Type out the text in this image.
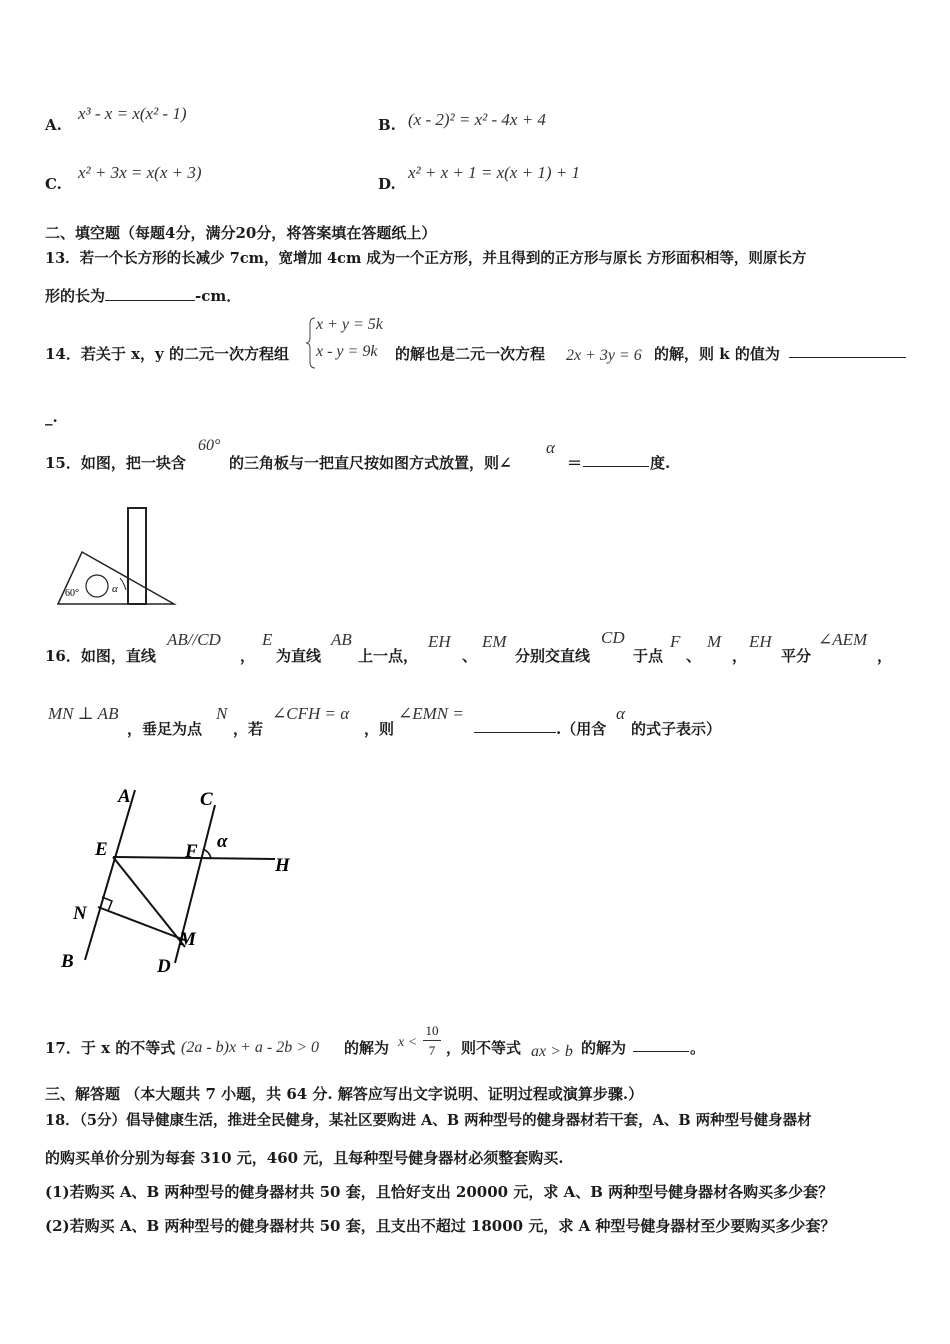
A.
x³ - x = x(x² - 1)
B. (x - 2)² = x² - 4x + 4
C.
x² + 3x = x(x + 3)
D.
x² + x + 1 = x(x + 1) + 1
二、填空题（每题4分，满分20分，将答案填在答题纸上）
13．若一个长方形的长减少 7cm，宽增加 4cm 成为一个正方形，并且得到的正方形与原长 方形面积相等，则原长方
形的长为	-cm．
14．若关于 x，y 的二元一次方程组
x + y = 5k
x - y = 9k 的解也是二元一次方程 2x + 3y = 6 的解，则 k 的值为
_.
15．如图，把一块含
60°
的三角板与一把直尺按如图方式放置，则∠
α
＝	度.
60°	α
16．如图，直线
AB//CD
，
E
为直线
AB
上一点，
EH
、
EM
分别交直线
CD
于点
F
、
M
，
EH
平分
∠AEM
，
MN ⊥ AB
，垂足为点
N
，若
∠CFH = α
，则
∠EMN =
.（用含
α
的式子表示）
A	C
E	F α
H
N
M
B	D
17．于 x 的不等式 (2a - b)x + a - 2b > 0 的解为 x <
10
7 ，则不等式 ax > b 的解为	。
三、解答题 （本大题共 7 小题，共 64 分. 解答应写出文字说明、证明过程或演算步骤.）
18．（5分）倡导健康生活，推进全民健身，某社区要购进 A、B 两种型号的健身器材若干套，A、B 两种型号健身器材
的购买单价分别为每套 310 元，460 元，且每种型号健身器材必须整套购买.
(1)若购买 A、B 两种型号的健身器材共 50 套，且恰好支出 20000 元，求 A、B 两种型号健身器材各购买多少套？
(2)若购买 A、B 两种型号的健身器材共 50 套，且支出不超过 18000 元，求 A 种型号健身器材至少要购买多少套？
